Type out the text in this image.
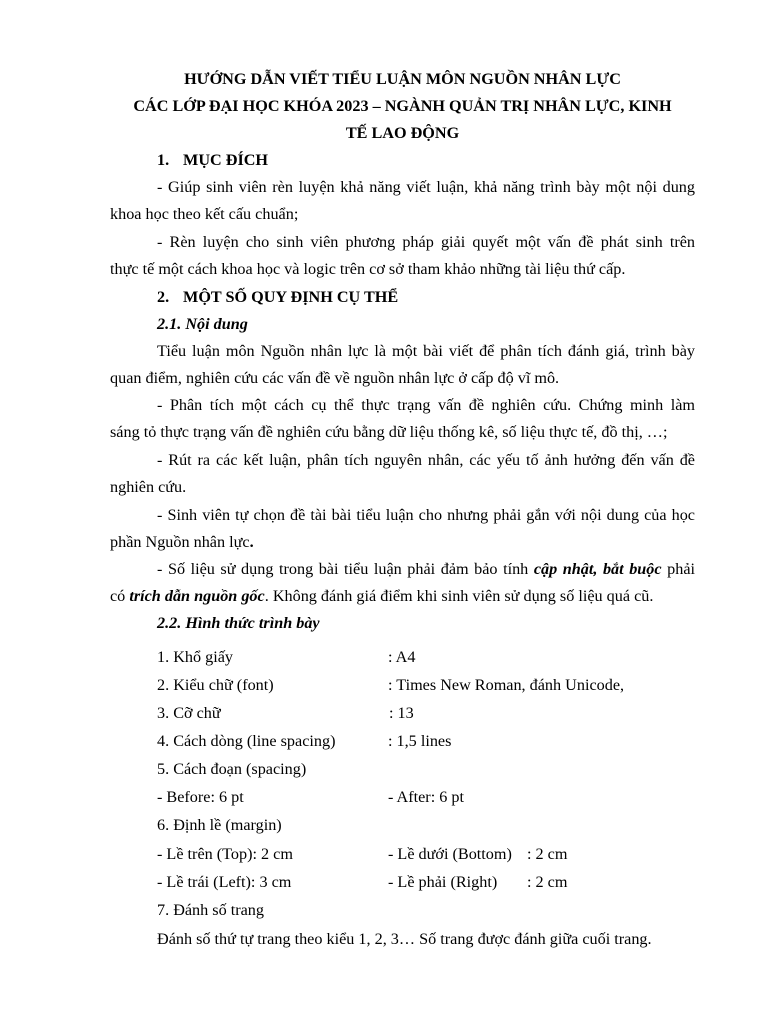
HƯỚNG DẪN VIẾT TIỂU LUẬN MÔN NGUỒN NHÂN LỰC
CÁC LỚP ĐẠI HỌC KHÓA 2023 – NGÀNH QUẢN TRỊ NHÂN LỰC, KINH
TẾ LAO ĐỘNG
1. MỤC ĐÍCH
- Giúp sinh viên rèn luyện khả năng viết luận, khả năng trình bày một nội dung
khoa học theo kết cấu chuẩn;
- Rèn luyện cho sinh viên phương pháp giải quyết một vấn đề phát sinh trên
thực tế một cách khoa học và logic trên cơ sở tham khảo những tài liệu thứ cấp.
2. MỘT SỐ QUY ĐỊNH CỤ THỂ
2.1. Nội dung
Tiểu luận môn Nguồn nhân lực là một bài viết để phân tích đánh giá, trình bày
quan điểm, nghiên cứu các vấn đề về nguồn nhân lực ở cấp độ vĩ mô.
- Phân tích một cách cụ thể thực trạng vấn đề nghiên cứu. Chứng minh làm
sáng tỏ thực trạng vấn đề nghiên cứu bằng dữ liệu thống kê, số liệu thực tế, đồ thị, …;
- Rút ra các kết luận, phân tích nguyên nhân, các yếu tố ảnh hưởng đến vấn đề
nghiên cứu.
- Sinh viên tự chọn đề tài bài tiểu luận cho nhưng phải gắn với nội dung của học
phần Nguồn nhân lực.
- Số liệu sử dụng trong bài tiểu luận phải đảm bảo tính cập nhật, bắt buộc phải
có trích dẫn nguồn gốc. Không đánh giá điểm khi sinh viên sử dụng số liệu quá cũ.
2.2. Hình thức trình bày
1. Khổ giấy	: A4
2. Kiểu chữ (font)	: Times New Roman, đánh Unicode,
3. Cỡ chữ	: 13
4. Cách dòng (line spacing)	: 1,5 lines
5. Cách đoạn (spacing)
- Before: 6 pt	- After: 6 pt
6. Định lề (margin)
- Lề trên (Top): 2 cm	- Lề dưới (Bottom) : 2 cm
- Lề trái (Left): 3 cm	- Lề phải (Right) : 2 cm
7. Đánh số trang
Đánh số thứ tự trang theo kiểu 1, 2, 3… Số trang được đánh giữa cuối trang.
